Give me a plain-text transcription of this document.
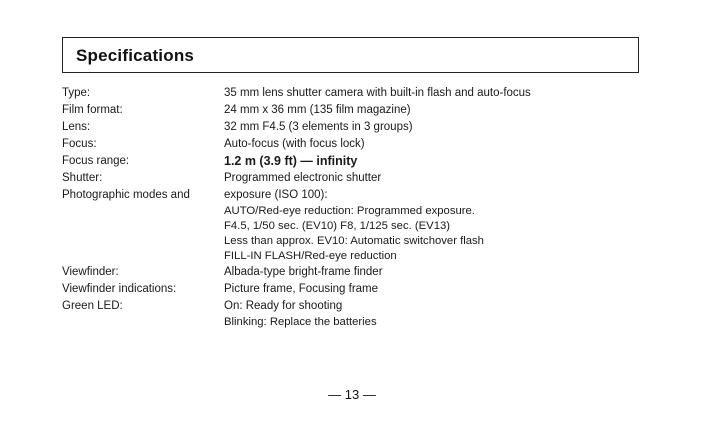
Specifications
Type:	35 mm lens shutter camera with built-in flash and auto-focus
Film format:	24 mm x 36 mm (135 film magazine)
Lens:	32 mm F4.5 (3 elements in 3 groups)
Focus:	Auto-focus (with focus lock)
Focus range:	1.2 m (3.9 ft) — infinity
Shutter:	Programmed electronic shutter
Photographic modes and	exposure (ISO 100):
AUTO/Red-eye reduction: Programmed exposure.
F4.5, 1/50 sec. (EV10) F8, 1/125 sec. (EV13)
Less than approx. EV10: Automatic switchover flash
FILL-IN FLASH/Red-eye reduction
Viewfinder:	Albada-type bright-frame finder
Viewfinder indications:	Picture frame, Focusing frame
Green LED:	On: Ready for shooting
Blinking: Replace the batteries
— 13 —
